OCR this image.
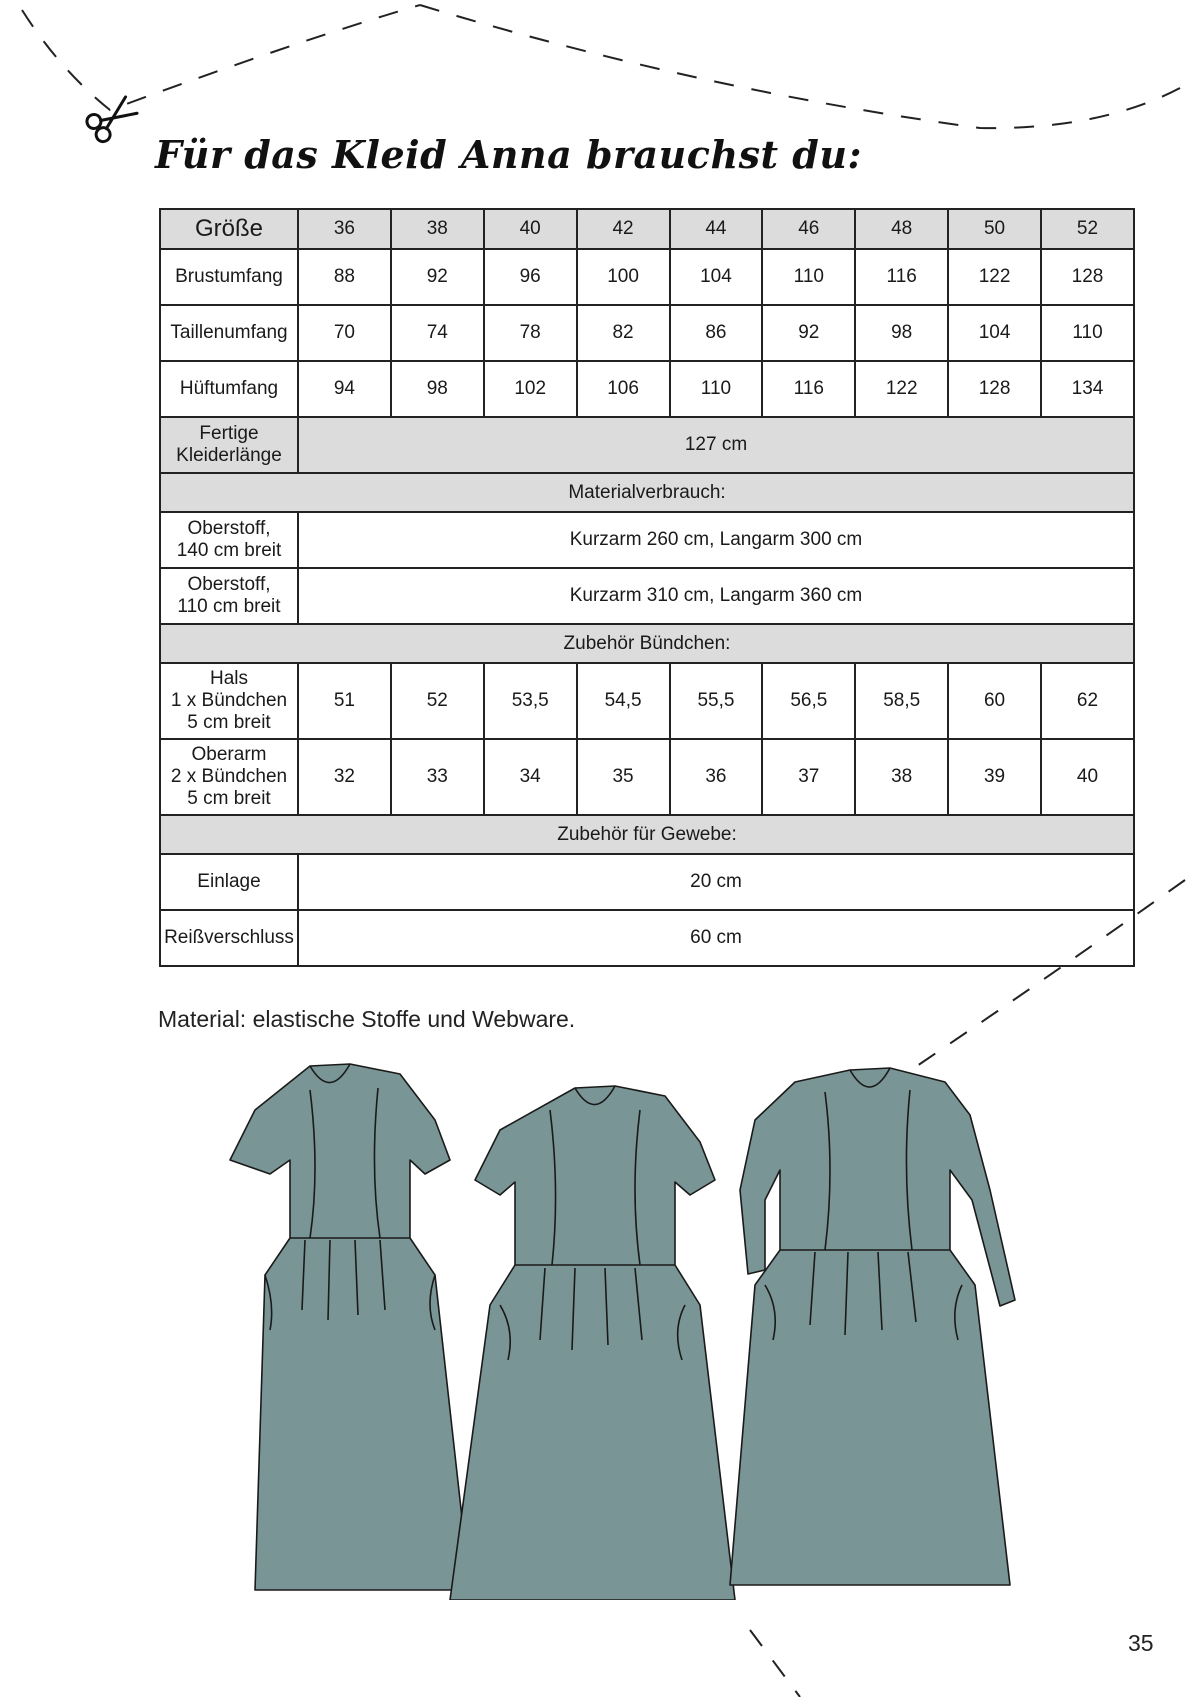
Für das Kleid Anna brauchst du:
Größe	36	38	40	42	44	46	48	50	52
Brustumfang	88	92	96	100	104	110	116	122	128
Taillenumfang	70	74	78	82	86	92	98	104	110
Hüftumfang	94	98	102	106	110	116	122	128	134
Fertige
Kleiderlänge	127 cm								
Materialverbrauch:									
Oberstoff,
140 cm breit	Kurzarm 260 cm, Langarm 300 cm								
Oberstoff,
110 cm breit	Kurzarm 310 cm, Langarm 360 cm								
Zubehör Bündchen:									
Hals
1 x Bündchen
5 cm breit	51	52	53,5	54,5	55,5	56,5	58,5	60	62
Oberarm
2 x Bündchen
5 cm breit	32	33	34	35	36	37	38	39	40
Zubehör für Gewebe:									
Einlage	20 cm								
Reißverschluss	60 cm								

Material: elastische Stoffe und Webware.

35
